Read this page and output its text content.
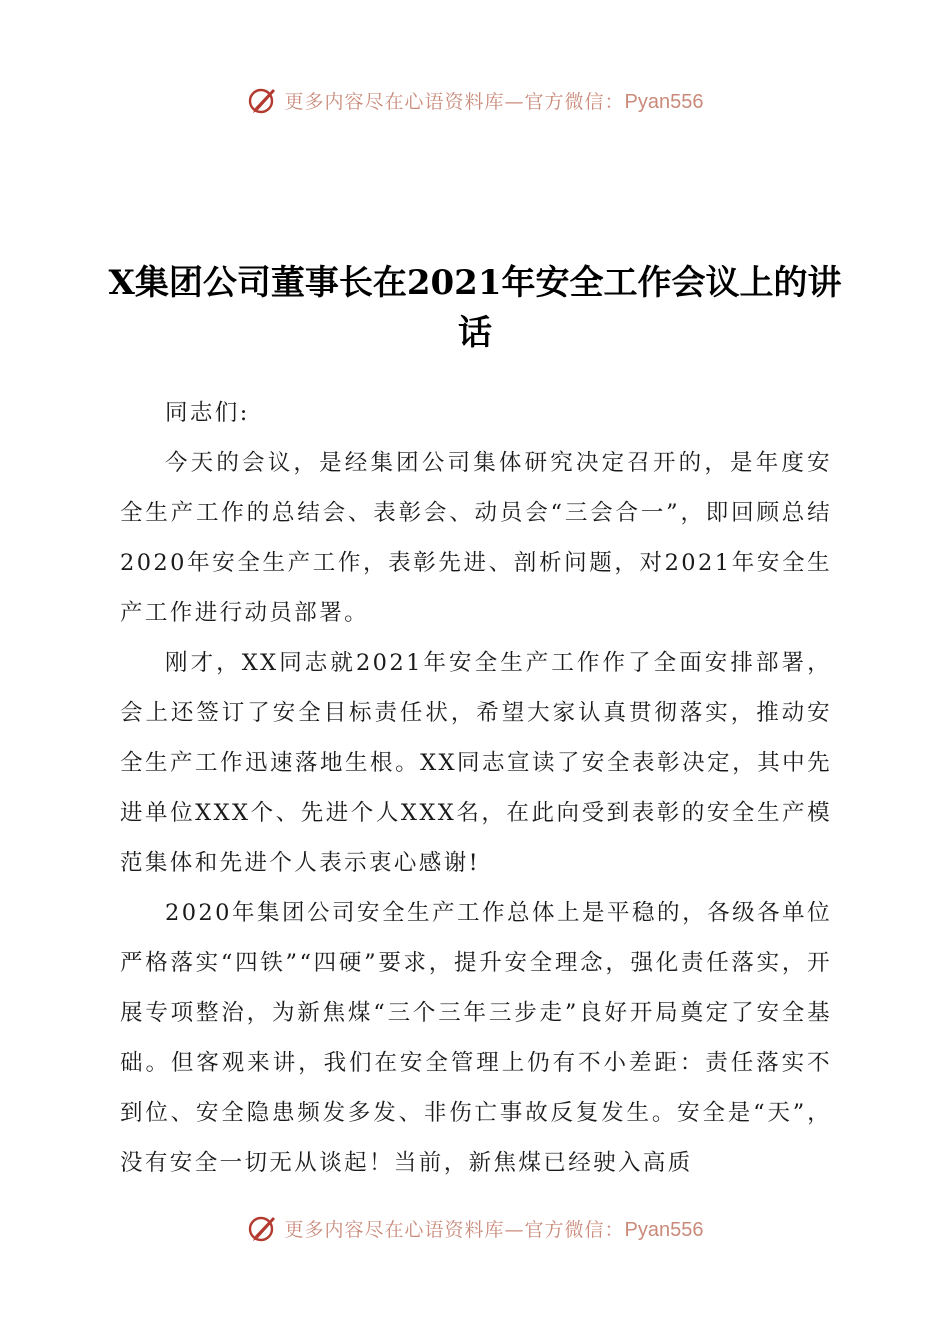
更多内容尽在心语资料库—官方微信：Pyan556
X集团公司董事长在2021年安全工作会议上的讲话

同志们:

今天的会议，是经集团公司集体研究决定召开的，是年度安全生产工作的总结会、表彰会、动员会“三会合一”，即回顾总结2020年安全生产工作，表彰先进、剖析问题，对2021年安全生产工作进行动员部署。

刚才，XX同志就2021年安全生产工作作了全面安排部署，会上还签订了安全目标责任状，希望大家认真贯彻落实，推动安全生产工作迅速落地生根。XX同志宣读了安全表彰决定，其中先进单位XXX个、先进个人XXX名，在此向受到表彰的安全生产模范集体和先进个人表示衷心感谢!

2020年集团公司安全生产工作总体上是平稳的，各级各单位严格落实“四铁”“四硬”要求，提升安全理念，强化责任落实，开展专项整治，为新焦煤“三个三年三步走”良好开局奠定了安全基础。但客观来讲，我们在安全管理上仍有不小差距：责任落实不到位、安全隐患频发多发、非伤亡事故反复发生。安全是“天”，没有安全一切无从谈起！当前，新焦煤已经驶入高质

更多内容尽在心语资料库—官方微信：Pyan556
